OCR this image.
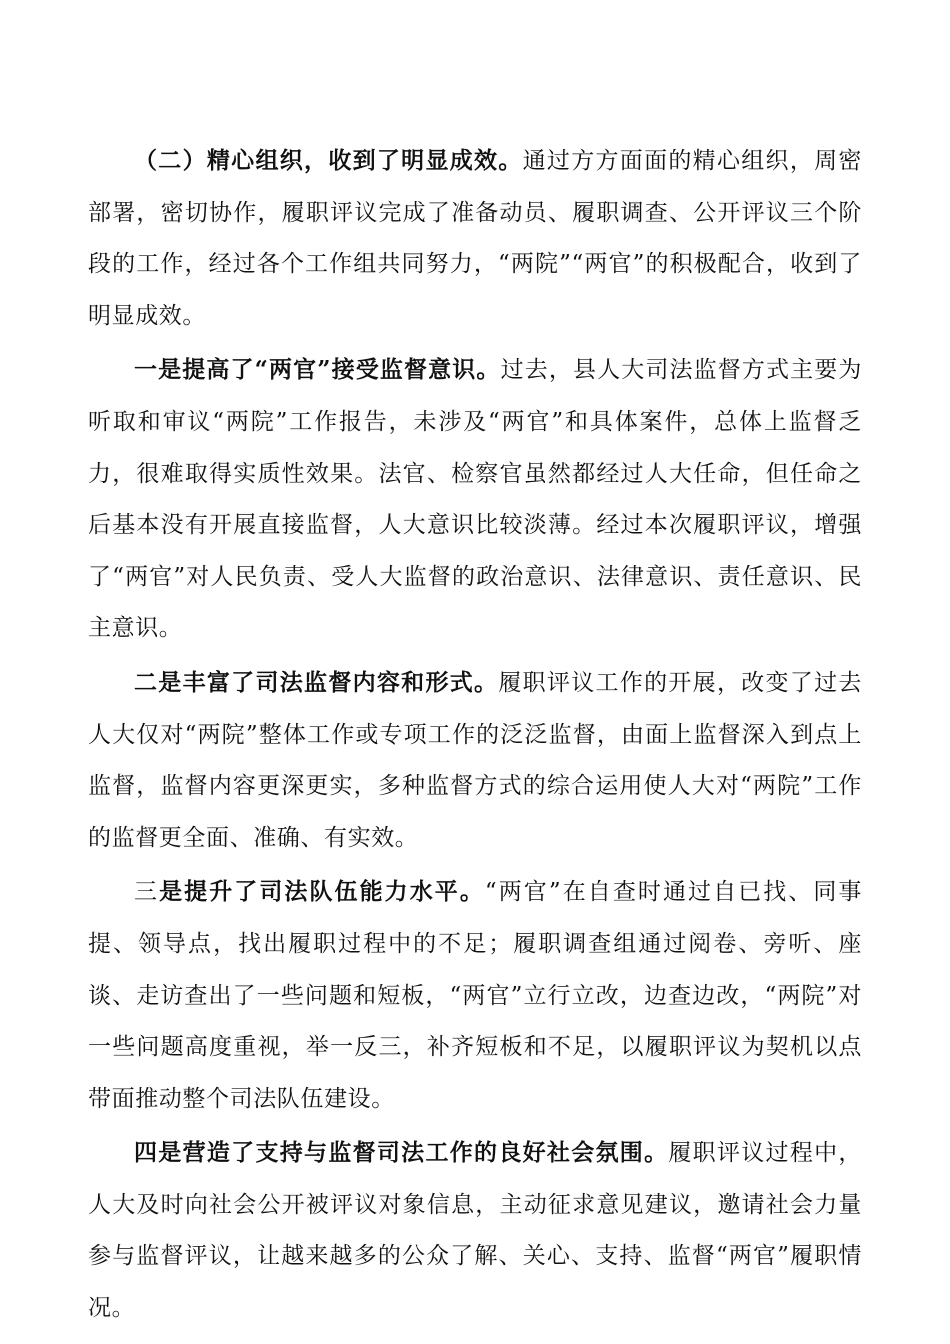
（二）精心组织，收到了明显成效。通过方方面面的精心组织，周密部署，密切协作，履职评议完成了准备动员、履职调查、公开评议三个阶段的工作，经过各个工作组共同努力，“两院”“两官”的积极配合，收到了明显成效。

一是提高了“两官”接受监督意识。过去，县人大司法监督方式主要为听取和审议“两院”工作报告，未涉及“两官”和具体案件，总体上监督乏力，很难取得实质性效果。法官、检察官虽然都经过人大任命，但任命之后基本没有开展直接监督，人大意识比较淡薄。经过本次履职评议，增强了“两官”对人民负责、受人大监督的政治意识、法律意识、责任意识、民主意识。

二是丰富了司法监督内容和形式。履职评议工作的开展，改变了过去人大仅对“两院”整体工作或专项工作的泛泛监督，由面上监督深入到点上监督，监督内容更深更实，多种监督方式的综合运用使人大对“两院”工作的监督更全面、准确、有实效。

三是提升了司法队伍能力水平。“两官”在自查时通过自已找、同事提、领导点，找出履职过程中的不足；履职调查组通过阅卷、旁听、座谈、走访查出了一些问题和短板，“两官”立行立改，边查边改，“两院”对一些问题高度重视，举一反三，补齐短板和不足，以履职评议为契机以点带面推动整个司法队伍建设。

四是营造了支持与监督司法工作的良好社会氛围。履职评议过程中，人大及时向社会公开被评议对象信息，主动征求意见建议，邀请社会力量参与监督评议，让越来越多的公众了解、关心、支持、监督“两官”履职情况。
